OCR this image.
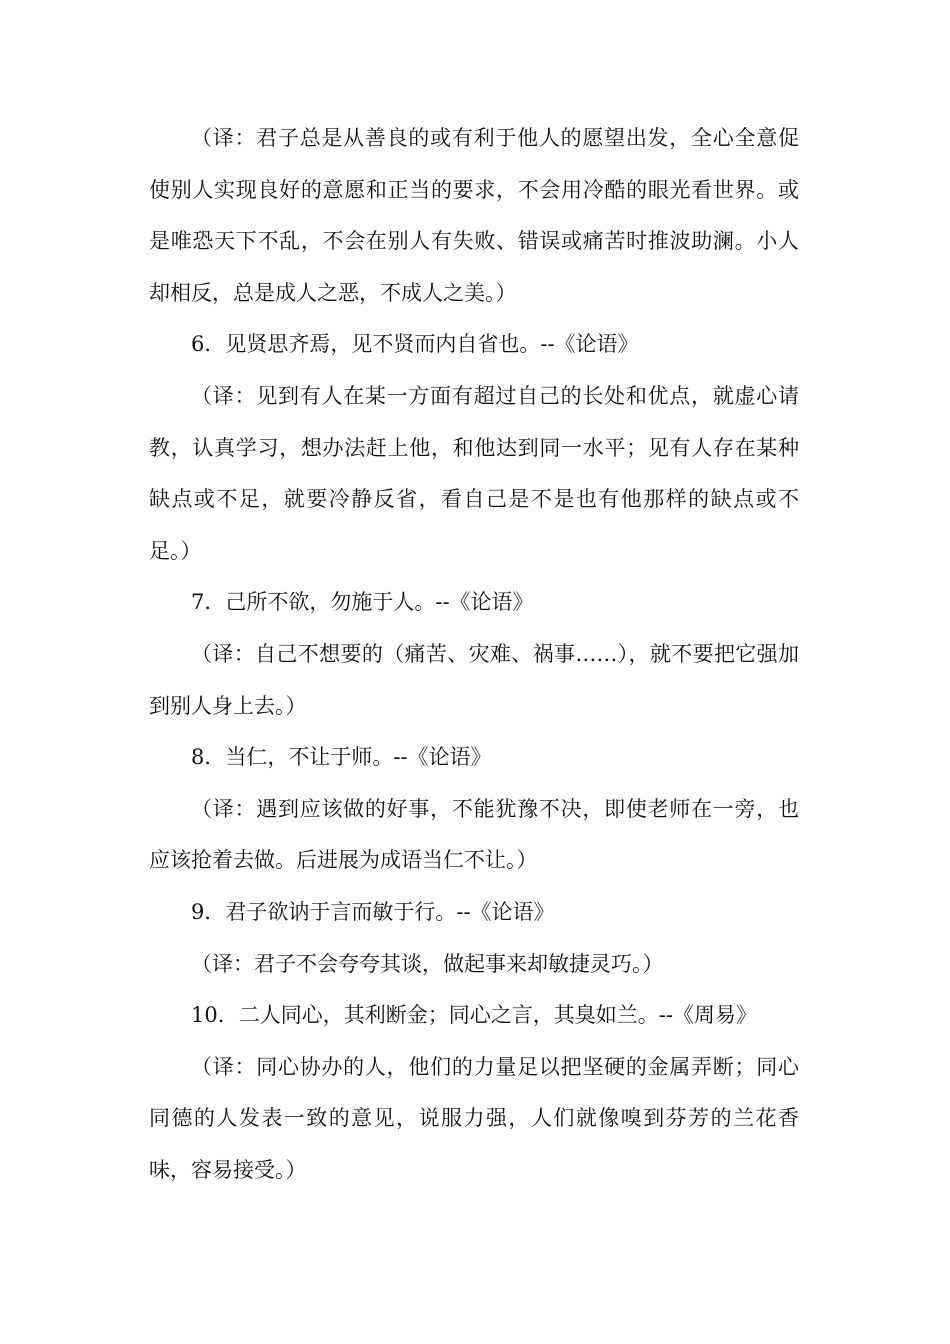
（译：君子总是从善良的或有利于他人的愿望出发，全心全意促使别人实现良好的意愿和正当的要求，不会用冷酷的眼光看世界。或是唯恐天下不乱，不会在别人有失败、错误或痛苦时推波助澜。小人却相反，总是成人之恶，不成人之美。）

6．见贤思齐焉，见不贤而内自省也。--《论语》

（译：见到有人在某一方面有超过自己的长处和优点，就虚心请教，认真学习，想办法赶上他，和他达到同一水平；见有人存在某种缺点或不足，就要冷静反省，看自己是不是也有他那样的缺点或不足。）

7．己所不欲，勿施于人。--《论语》

（译：自己不想要的（痛苦、灾难、祸事……），就不要把它强加到别人身上去。）

8．当仁，不让于师。--《论语》

（译：遇到应该做的好事，不能犹豫不决，即使老师在一旁，也应该抢着去做。后进展为成语当仁不让。）

9．君子欲讷于言而敏于行。--《论语》

（译：君子不会夸夸其谈，做起事来却敏捷灵巧。）

10．二人同心，其利断金；同心之言，其臭如兰。--《周易》

（译：同心协办的人，他们的力量足以把坚硬的金属弄断；同心同德的人发表一致的意见，说服力强，人们就像嗅到芬芳的兰花香味，容易接受。）
